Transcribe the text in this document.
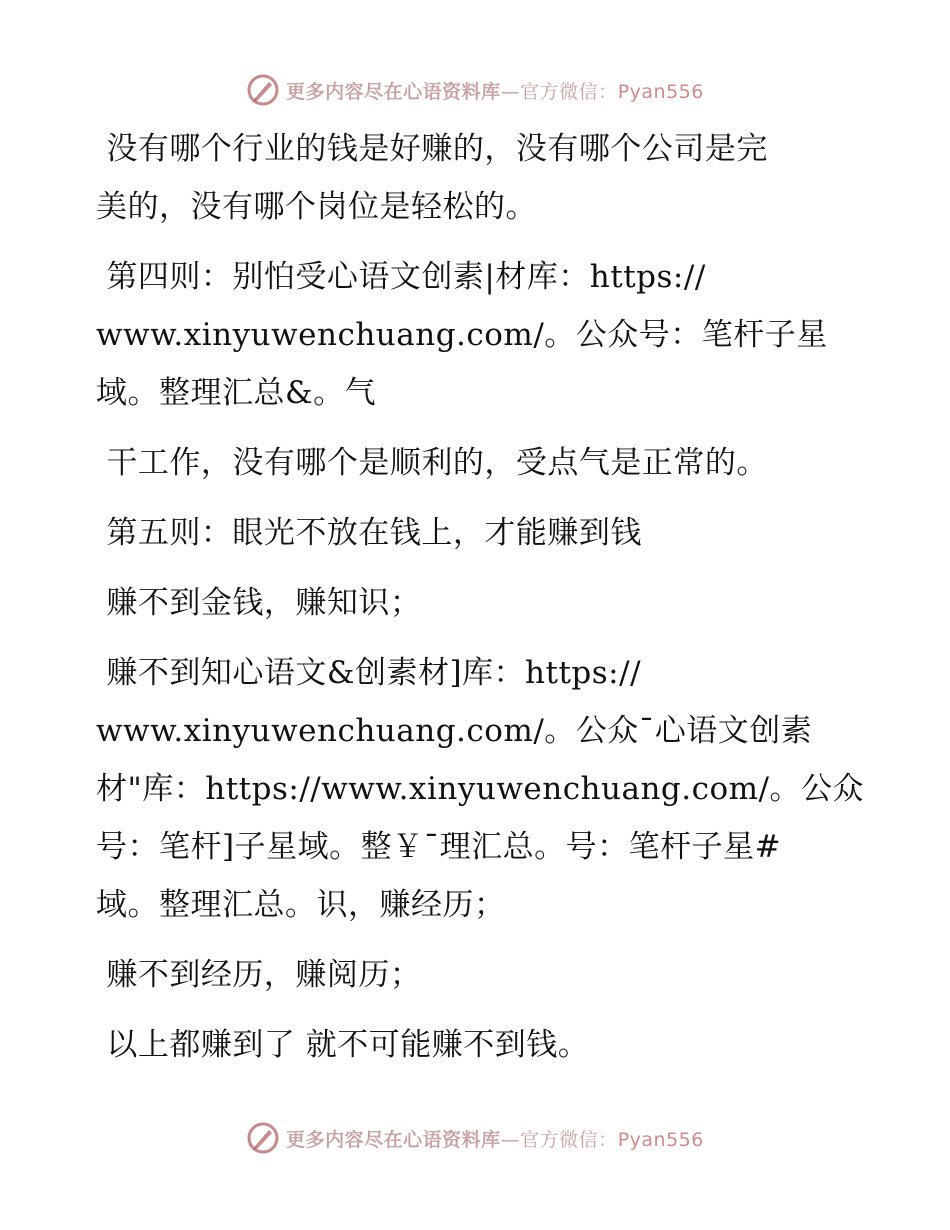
更多内容尽在心语资料库—官方微信：Pyan556

没有哪个行业的钱是好赚的，没有哪个公司是完
美的，没有哪个岗位是轻松的。

第四则：别怕受心语文创素|材库：https://
www.xinyuwenchuang.com/。公众号：笔杆子星
域。整理汇总&。气

干工作，没有哪个是顺利的，受点气是正常的。

第五则：眼光不放在钱上，才能赚到钱

赚不到金钱，赚知识；

赚不到知心语文&创素材]库：https://
www.xinyuwenchuang.com/。公众¯心语文创素
材"库：https://www.xinyuwenchuang.com/。公众
号：笔杆]子星域。整￥¯理汇总。号：笔杆子星#
域。整理汇总。识，赚经历；

赚不到经历，赚阅历；

以上都赚到了 就不可能赚不到钱。

更多内容尽在心语资料库—官方微信：Pyan556
